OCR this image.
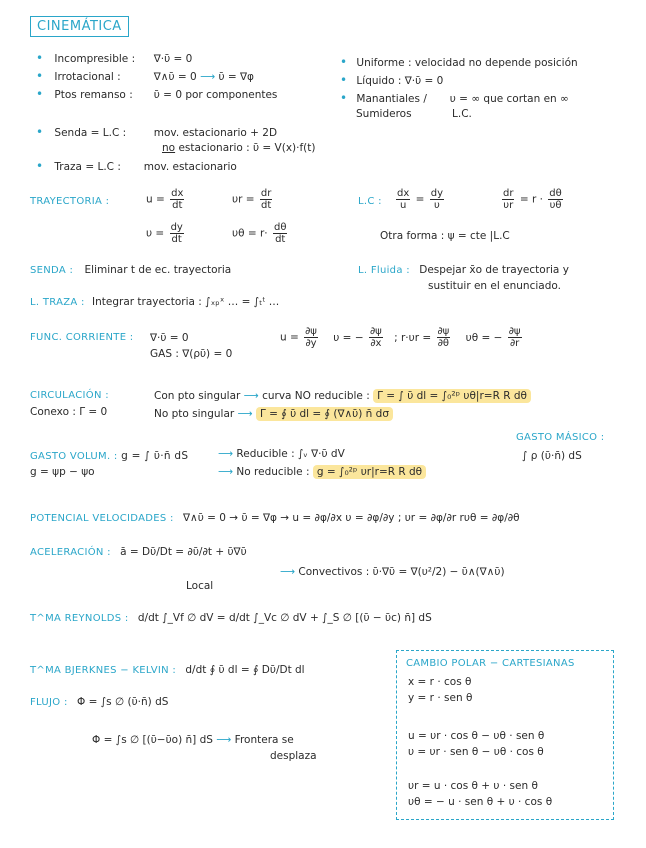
CINEMÁTICA
• Incompresible : ∇·ῡ = 0
• Irrotacional :	∇∧ῡ = 0 ⟶ ῡ = ∇φ
• Ptos remanso : ῡ = 0 por componentes
• Uniforme : velocidad no depende posición
• Líquido : ∇·ῡ = 0
• Manantiales / υ = ∞ que cortan en ∞
Sumideros	L.C.
• Senda = L.C :	mov. estacionario + 2D
no estacionario : ῡ = V(x)·f(t)
• Traza = L.C : mov. estacionario
TRAYECTORIA :	$u = \frac{dx}{dt}$	$\upsilon r = \frac{dr}{dt}$
$\upsilon = \frac{dy}{dt}$	$\upsilon\theta = r\cdot \frac{d\theta}{dt}$
L.C : $\frac{dx}{u} = \frac{dy}{\upsilon}$	$\frac{dr}{\upsilon r} = r \cdot \frac{d\theta}{\upsilon\theta}$
Otra forma : ψ = cte |L.C
SENDA : Eliminar t de ec. trayectoria	L. Fluida : Despejar x̄o de trayectoria y
sustituir en el enunciado.
L. TRAZA : Integrar trayectoria : ∫ₓₚˣ … = ∫ₜᵗ …
FUNC. CORRIENTE : ∇·ῡ = 0
GAS : ∇(ρῡ) = 0
$u = \frac{\partial\psi}{\partial y}$ υ = − $\frac{\partial\psi}{\partial x}$ ; $r\cdot\upsilon r = \frac{\partial\psi}{\partial\theta}$ υθ = − $\frac{\partial\psi}{\partial r}$
CIRCULACIÓN :
Conexo : Γ = 0
Con pto singular ⟶ curva NO reducible : Γ = ∫ ῡ dl = ∫₀²ᵖ υθ|r=R R dθ
No pto singular ⟶ Γ = ∮ ῡ dl = ∮ (∇∧ῡ) n̄ dσ
GASTO VOLUM. : g = ∫ ῡ·n̄ dS
g = ψp − ψo
⟶ Reducible : ∫ᵥ ∇·ῡ dV
⟶ No reducible : g = ∫₀²ᵖ υr|r=R R dθ
GASTO MÁSICO :
∫ ρ (ῡ·n̄) dS
POTENCIAL VELOCIDADES : ∇∧ῡ = 0 → ῡ = ∇φ → u = ∂φ/∂x υ = ∂φ/∂y ; υr = ∂φ/∂r rυθ = ∂φ/∂θ
ACELERACIÓN : ā = Dῡ/Dt = ∂ῡ/∂t + ῡ∇ῡ
Local
⟶ Convectivos : ῡ·∇ῡ = ∇(υ²/2) − ῡ∧(∇∧ῡ)
T^MA REYNOLDS : d/dt ∫_Vf ∅ dV = d/dt ∫_Vc ∅ dV + ∫_S ∅ [(ῡ − ῡc) n̄] dS
T^MA BJERKNES − KELVIN : d/dt ∮ ῡ dl = ∮ Dῡ/Dt dl
FLUJO : Φ = ∫s ∅ (ῡ·n̄) dS
Φ = ∫s ∅ [(ῡ−ῡo) n̄] dS ⟶ Frontera se
desplaza
CAMBIO POLAR − CARTESIANAS
x = r · cos θ
y = r · sen θ
u = υr · cos θ − υθ · sen θ
υ = υr · sen θ − υθ · cos θ
υr = u · cos θ + υ · sen θ
υθ = − u · sen θ + υ · cos θ
